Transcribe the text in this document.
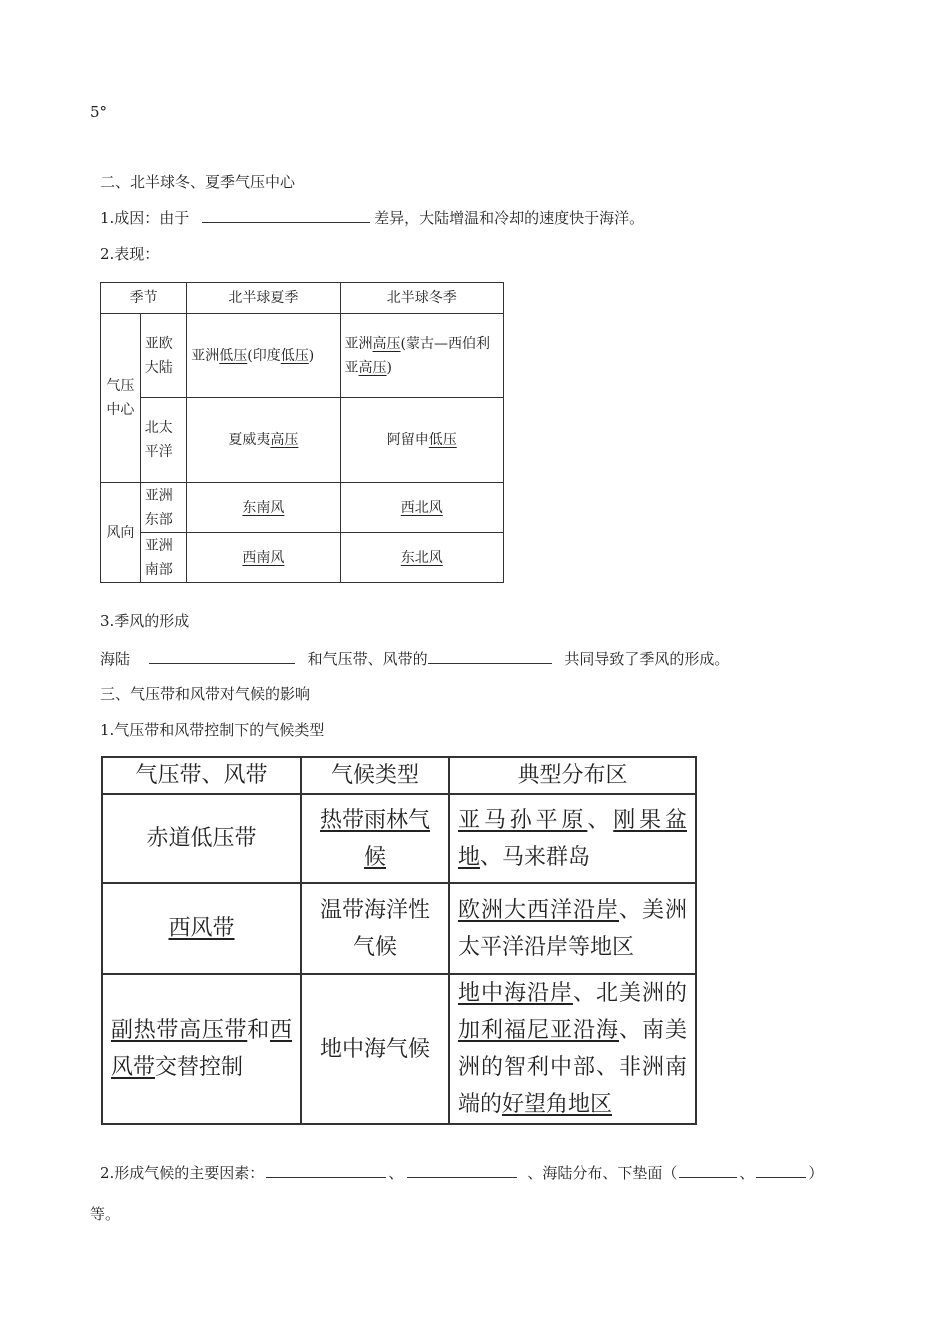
5°
二、北半球冬、夏季气压中心
1.成因：由于	差异，大陆增温和冷却的速度快于海洋。
2.表现：
季节		北半球夏季	北半球冬季
气压中心	亚欧大陆	亚洲低压(印度低压)	亚洲高压(蒙古—西伯利亚高压)
	北太平洋	夏威夷高压	阿留申低压
风向	亚洲东部	东南风	西北风
	亚洲南部	西南风	东北风
3.季风的形成
海陆	和气压带、风带的	共同导致了季风的形成。
三、气压带和风带对气候的影响
1.气压带和风带控制下的气候类型
气压带、风带	气候类型	典型分布区
赤道低压带	热带雨林气候	亚马孙平原、刚果盆地、马来群岛
西风带	温带海洋性气候	欧洲大西洋沿岸、美洲太平洋沿岸等地区
副热带高压带和西风带交替控制	地中海气候	地中海沿岸、北美洲的加利福尼亚沿海、南美洲的智利中部、非洲南端的好望角地区
2.形成气候的主要因素：	、	、海陆分布、下垫面（	、	）
等。
